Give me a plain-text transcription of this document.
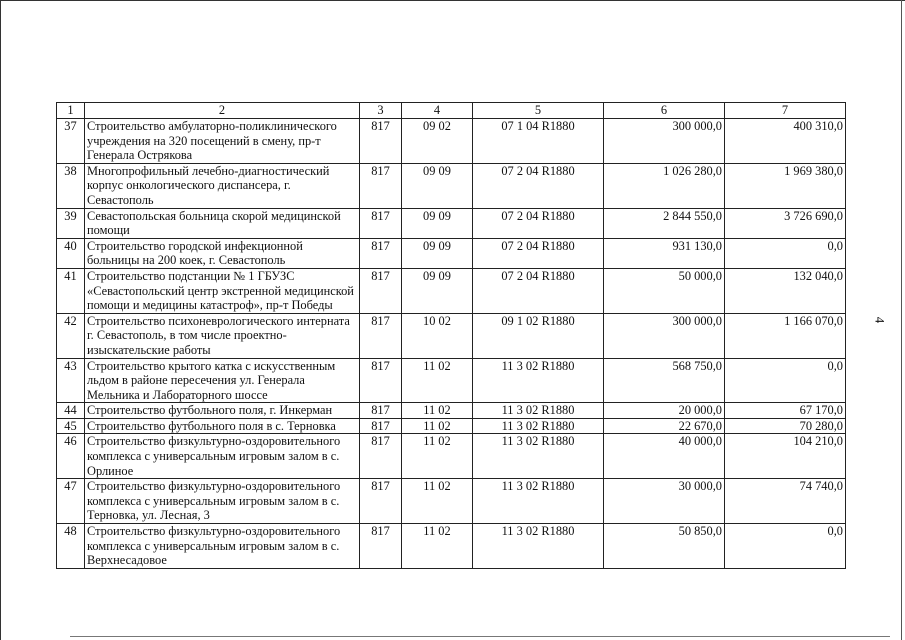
4
1	2	3	4	5	6	7
37	Строительство амбулаторно-поликлинического учреждения на 320 посещений в смену, пр-т Генерала Острякова	817	09 02	07 1 04 R1880	300 000,0	400 310,0
38	Многопрофильный лечебно-диагностический корпус онкологического диспансера, г. Севастополь	817	09 09	07 2 04 R1880	1 026 280,0	1 969 380,0
39	Севастопольская больница скорой медицинской помощи	817	09 09	07 2 04 R1880	2 844 550,0	3 726 690,0
40	Строительство городской инфекционной больницы на 200 коек, г. Севастополь	817	09 09	07 2 04 R1880	931 130,0	0,0
41	Строительство подстанции № 1 ГБУЗС «Севастопольский центр экстренной медицинской помощи и медицины катастроф», пр-т Победы	817	09 09	07 2 04 R1880	50 000,0	132 040,0
42	Строительство психоневрологического интерната г. Севастополь, в том числе проектно-изыскательские работы	817	10 02	09 1 02 R1880	300 000,0	1 166 070,0
43	Строительство крытого катка с искусственным льдом в районе пересечения ул. Генерала Мельника и Лабораторного шоссе	817	11 02	11 3 02 R1880	568 750,0	0,0
44	Строительство футбольного поля, г. Инкерман	817	11 02	11 3 02 R1880	20 000,0	67 170,0
45	Строительство футбольного поля в с. Терновка	817	11 02	11 3 02 R1880	22 670,0	70 280,0
46	Строительство физкультурно-оздоровительного комплекса с универсальным игровым залом в с. Орлиное	817	11 02	11 3 02 R1880	40 000,0	104 210,0
47	Строительство физкультурно-оздоровительного комплекса с универсальным игровым залом в с. Терновка, ул. Лесная, 3	817	11 02	11 3 02 R1880	30 000,0	74 740,0
48	Строительство физкультурно-оздоровительного комплекса с универсальным игровым залом в с. Верхнесадовое	817	11 02	11 3 02 R1880	50 850,0	0,0
